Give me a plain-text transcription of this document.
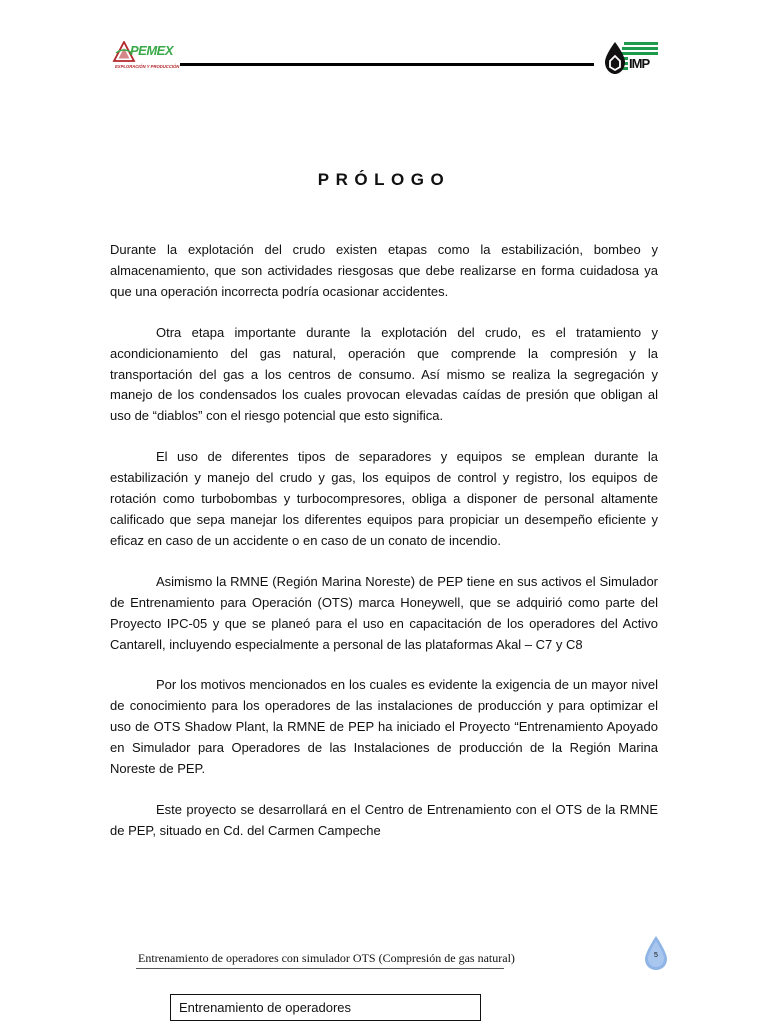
PEMEX
EXPLORACIÓN Y PRODUCCIÓN	IMP
PRÓLOGO

Durante la explotación del crudo existen etapas como la estabilización, bombeo y almacenamiento, que son actividades riesgosas que debe realizarse en forma cuidadosa ya que una operación incorrecta podría ocasionar accidentes.

Otra etapa importante durante la explotación del crudo, es el tratamiento y acondicionamiento del gas natural, operación que comprende la compresión y la transportación del gas a los centros de consumo. Así mismo se realiza la segregación y manejo de los condensados los cuales provocan elevadas caídas de presión que obligan al uso de “diablos” con el riesgo potencial que esto significa.

El uso de diferentes tipos de separadores y equipos se emplean durante la estabilización y manejo del crudo y gas, los equipos de control y registro, los equipos de rotación como turbobombas y turbocompresores, obliga a disponer de personal altamente calificado que sepa manejar los diferentes equipos para propiciar un desempeño eficiente y eficaz en caso de un accidente o en caso de un conato de incendio.

Asimismo la RMNE (Región Marina Noreste) de PEP tiene en sus activos el Simulador de Entrenamiento para Operación (OTS) marca Honeywell, que se adquirió como parte del Proyecto IPC-05 y que se planeó para el uso en capacitación de los operadores del Activo Cantarell, incluyendo especialmente a personal de las plataformas Akal – C7 y C8

Por los motivos mencionados en los cuales es evidente la exigencia de un mayor nivel de conocimiento para los operadores de las instalaciones de producción y para optimizar el uso de OTS Shadow Plant, la RMNE de PEP ha iniciado el Proyecto “Entrenamiento Apoyado en Simulador para Operadores de las Instalaciones de producción de la Región Marina Noreste de PEP.

Este proyecto se desarrollará en el Centro de Entrenamiento con el OTS de la RMNE de PEP, situado en Cd. del Carmen Campeche

Entrenamiento de operadores con simulador OTS (Compresión de gas natural)	5
Entrenamiento de operadores
